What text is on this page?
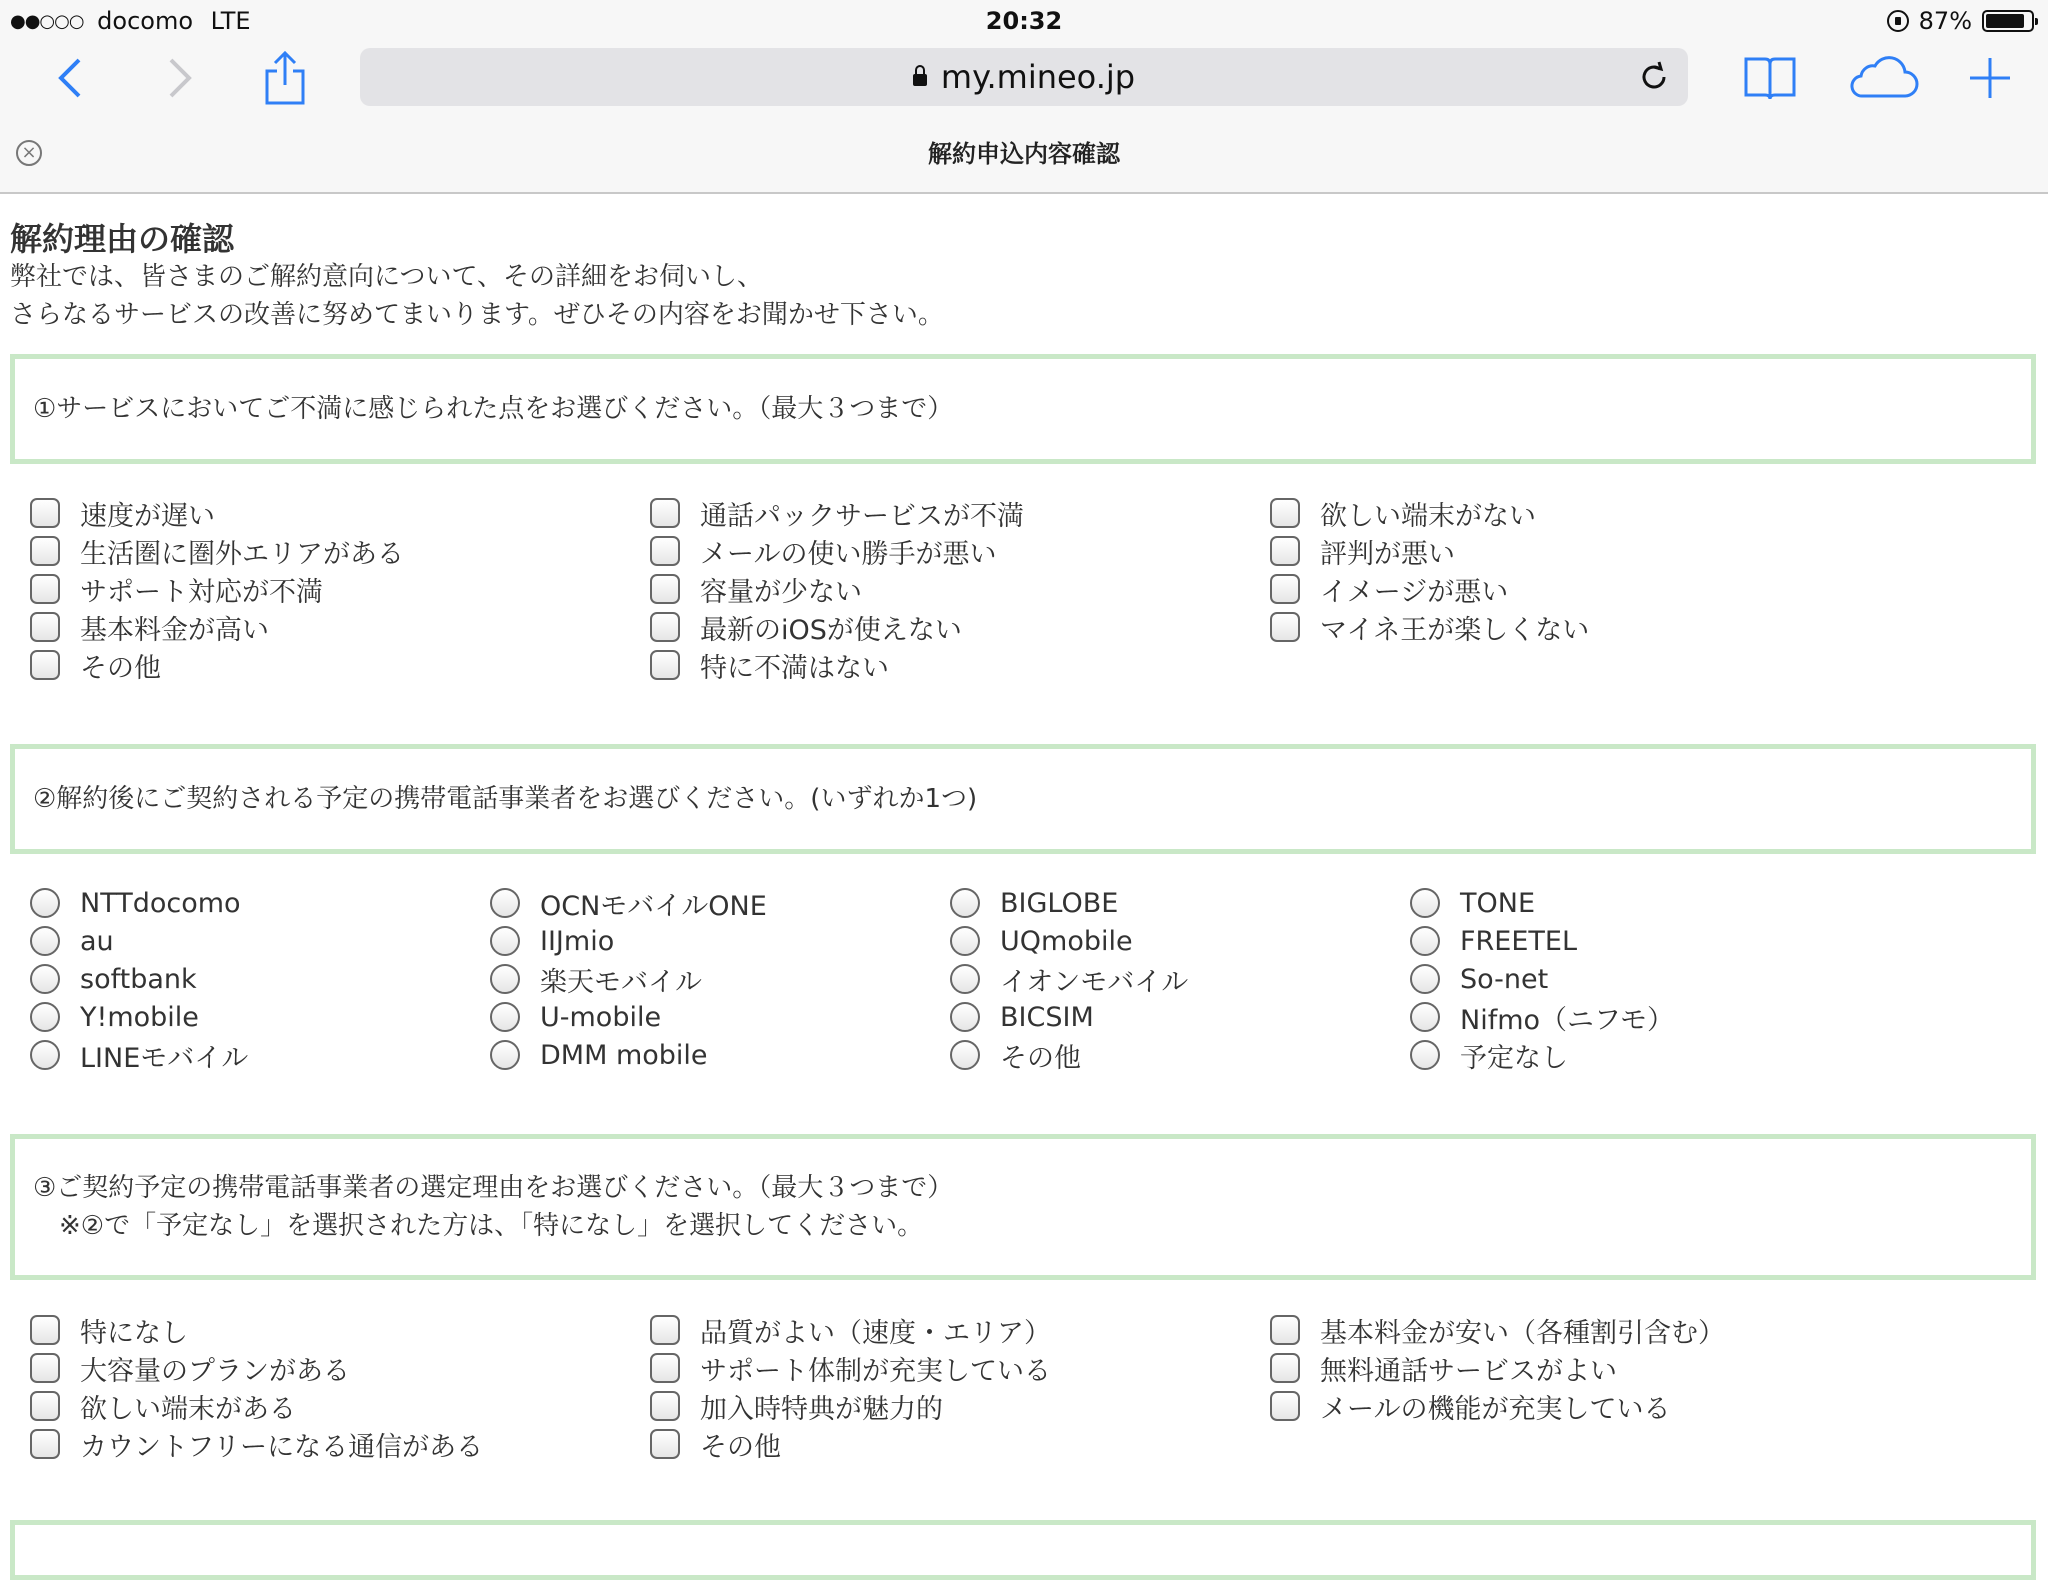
●●○○○ docomo LTE	20:32	87%
my.mineo.jp
×	解約申込内容確認
解約理由の確認
弊社では、皆さまのご解約意向について、その詳細をお伺いし、
さらなるサービスの改善に努めてまいります。ぜひその内容をお聞かせ下さい。
①サービスにおいてご不満に感じられた点をお選びください。（最大３つまで）
速度が遅い
生活圏に圏外エリアがある
サポート対応が不満
基本料金が高い
その他
通話パックサービスが不満
メールの使い勝手が悪い
容量が少ない
最新のiOSが使えない
特に不満はない
欲しい端末がない
評判が悪い
イメージが悪い
マイネ王が楽しくない
②解約後にご契約される予定の携帯電話事業者をお選びください。(いずれか1つ)
NTTdocomo
au
softbank
Y!mobile
LINEモバイル
OCNモバイルONE
IIJmio
楽天モバイル
U-mobile
DMM mobile
BIGLOBE
UQmobile
イオンモバイル
BICSIM
その他
TONE
FREETEL
So-net
Nifmo（ニフモ）
予定なし
③ご契約予定の携帯電話事業者の選定理由をお選びください。（最大３つまで）
　※②で「予定なし」を選択された方は、「特になし」を選択してください。
特になし
大容量のプランがある
欲しい端末がある
カウントフリーになる通信がある
品質がよい（速度・エリア）
サポート体制が充実している
加入時特典が魅力的
その他
基本料金が安い（各種割引含む）
無料通話サービスがよい
メールの機能が充実している
